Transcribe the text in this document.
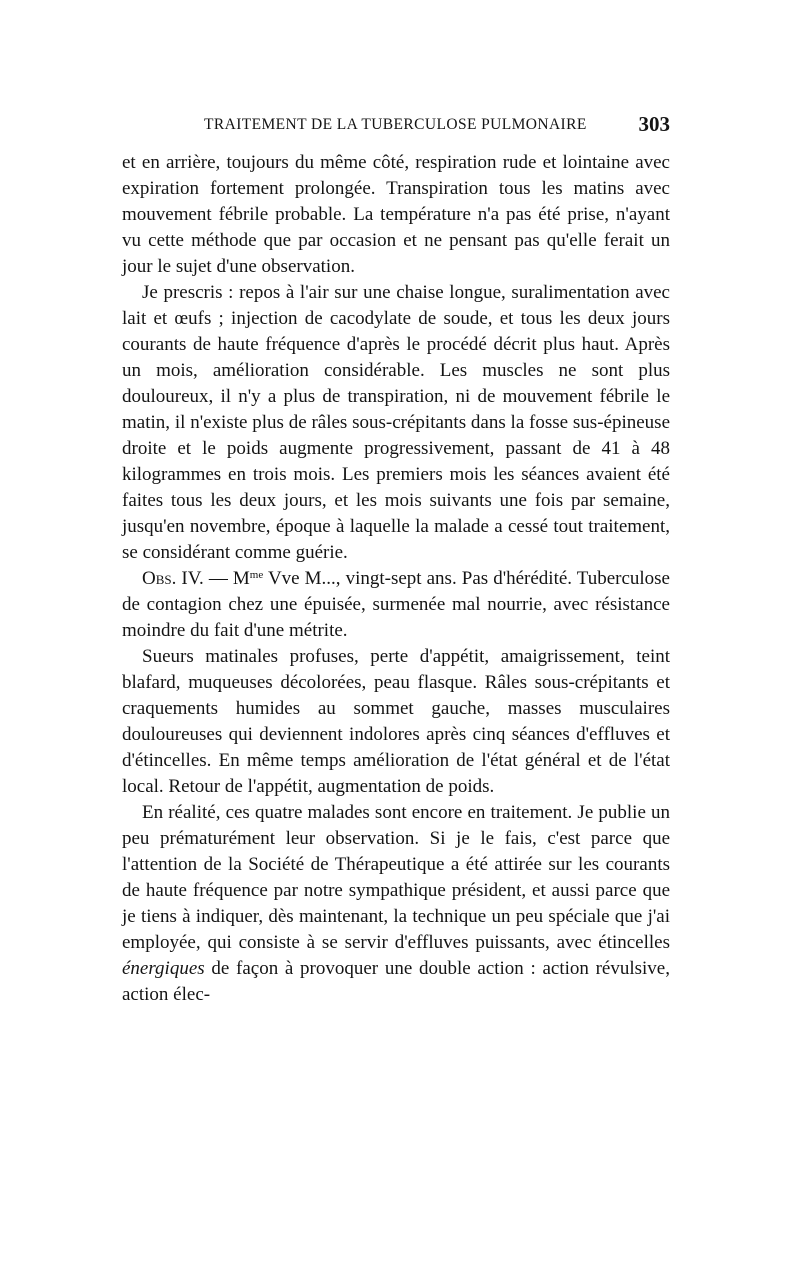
TRAITEMENT DE LA TUBERCULOSE PULMONAIRE 303

et en arrière, toujours du même côté, respiration rude et lointaine avec expiration fortement prolongée. Transpiration tous les matins avec mouvement fébrile probable. La température n'a pas été prise, n'ayant vu cette méthode que par occasion et ne pensant pas qu'elle ferait un jour le sujet d'une observation.

Je prescris : repos à l'air sur une chaise longue, suralimentation avec lait et œufs ; injection de cacodylate de soude, et tous les deux jours courants de haute fréquence d'après le procédé décrit plus haut. Après un mois, amélioration considérable. Les muscles ne sont plus douloureux, il n'y a plus de transpiration, ni de mouvement fébrile le matin, il n'existe plus de râles sous-crépitants dans la fosse sus-épineuse droite et le poids augmente progressivement, passant de 41 à 48 kilogrammes en trois mois. Les premiers mois les séances avaient été faites tous les deux jours, et les mois suivants une fois par semaine, jusqu'en novembre, époque à laquelle la malade a cessé tout traitement, se considérant comme guérie.

Obs. IV. — $M^{me}$ Vve M..., vingt-sept ans. Pas d'hérédité. Tuberculose de contagion chez une épuisée, surmenée mal nourrie, avec résistance moindre du fait d'une métrite.

Sueurs matinales profuses, perte d'appétit, amaigrissement, teint blafard, muqueuses décolorées, peau flasque. Râles sous-crépitants et craquements humides au sommet gauche, masses musculaires douloureuses qui deviennent indolores après cinq séances d'effluves et d'étincelles. En même temps amélioration de l'état général et de l'état local. Retour de l'appétit, augmentation de poids.

En réalité, ces quatre malades sont encore en traitement. Je publie un peu prématurément leur observation. Si je le fais, c'est parce que l'attention de la Société de Thérapeutique a été attirée sur les courants de haute fréquence par notre sympathique président, et aussi parce que je tiens à indiquer, dès maintenant, la technique un peu spéciale que j'ai employée, qui consiste à se servir d'effluves puissants, avec étincelles énergiques de façon à provoquer une double action : action révulsive, action élec-
